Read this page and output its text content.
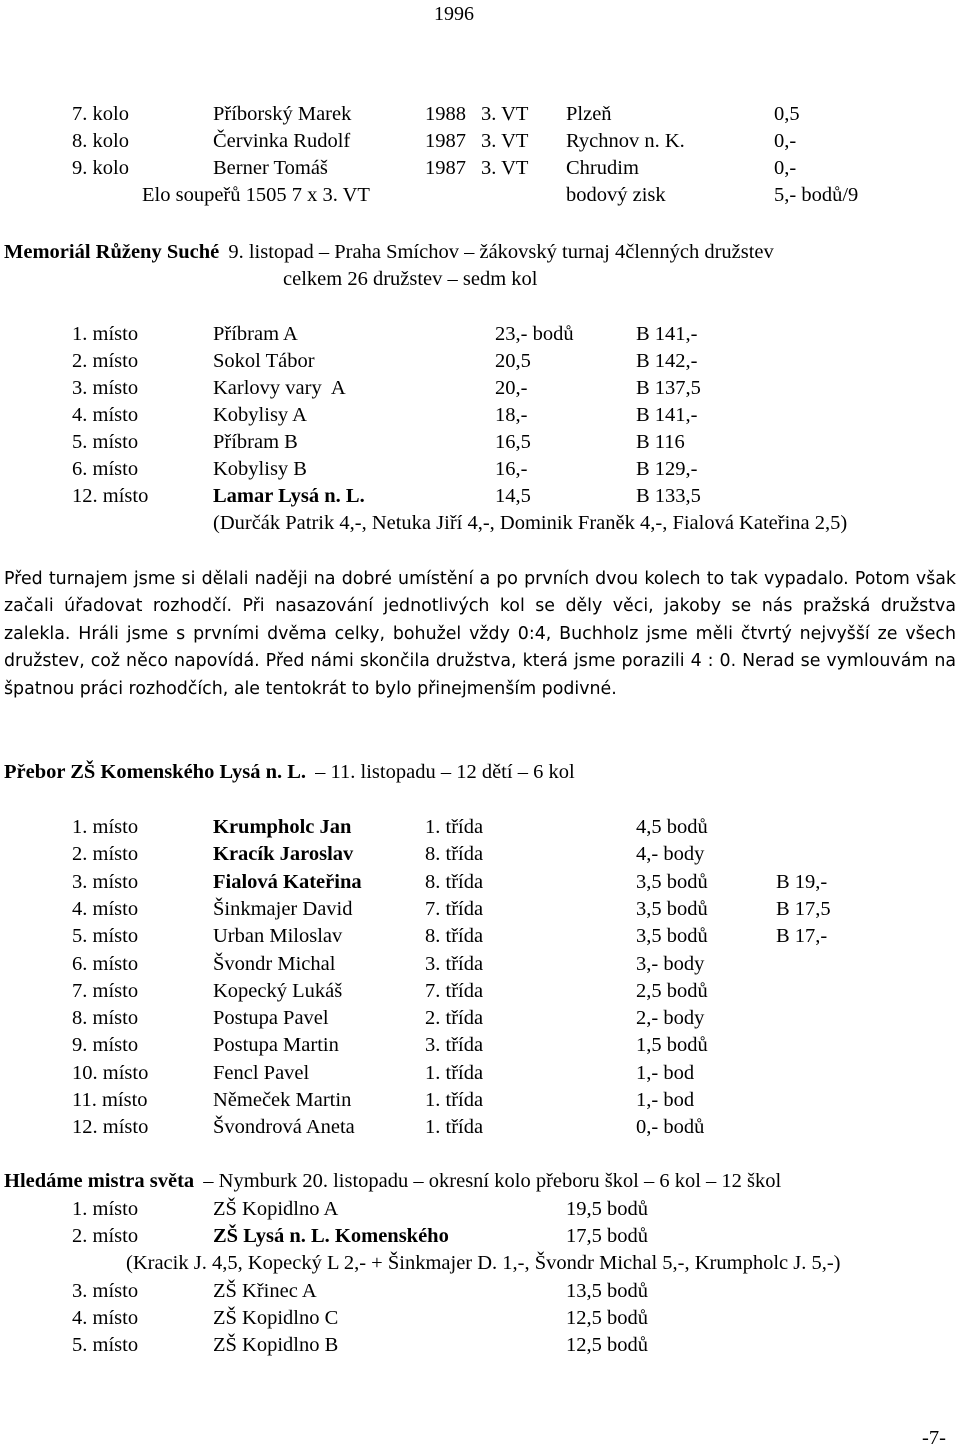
1996
7. kolo	Příborský Marek	1988 3. VT Plzeň	0,5
8. kolo	Červinka Rudolf	1987 3. VT Rychnov n. K.	0,-
9. kolo	Berner Tomáš	1987 3. VT Chrudim	0,-
Elo soupeřů 1505 7 x 3. VT	bodový zisk	5,- bodů/9
Memoriál Růženy Suché 9. listopad – Praha Smíchov – žákovský turnaj 4členných družstev
celkem 26 družstev – sedm kol
1. místo	Příbram A	23,- bodů	B 141,-
2. místo	Sokol Tábor	20,5	B 142,-
3. místo	Karlovy vary  A	20,-	B 137,5
4. místo	Kobylisy A	18,-	B 141,-
5. místo	Příbram B	16,5	B 116
6. místo	Kobylisy B	16,-	B 129,-
12. místo	Lamar Lysá n. L.	14,5	B 133,5
(Durčák Patrik 4,-, Netuka Jiří 4,-, Dominik Franěk 4,-, Fialová Kateřina 2,5)
Před turnajem jsme si dělali naději na dobré umístění a po prvních dvou kolech to tak vypadalo. Potom však začali úřadovat rozhodčí. Při nasazování jednotlivých kol se děly věci, jakoby se nás pražská družstva zalekla. Hráli jsme s prvními dvěma celky, bohužel vždy 0:4, Buchholz jsme měli čtvrtý nejvyšší ze všech družstev, což něco napovídá. Před námi skončila družstva, která jsme porazili 4 : 0. Nerad se vymlouvám na špatnou práci rozhodčích, ale tentokrát to bylo přinejmenším podivné.
Přebor ZŠ Komenského Lysá n. L. – 11. listopadu – 12 dětí – 6 kol
1. místo	Krumpholc Jan	1. třída	4,5 bodů
2. místo	Kracík Jaroslav	8. třída	4,- body
3. místo	Fialová Kateřina	8. třída	3,5 bodů	B 19,-
4. místo	Šinkmajer David	7. třída	3,5 bodů	B 17,5
5. místo	Urban Miloslav	8. třída	3,5 bodů	B 17,-
6. místo	Švondr Michal	3. třída	3,- body
7. místo	Kopecký Lukáš	7. třída	2,5 bodů
8. místo	Postupa Pavel	2. třída	2,- body
9. místo	Postupa Martin	3. třída	1,5 bodů
10. místo	Fencl Pavel	1. třída	1,- bod
11. místo	Němeček Martin	1. třída	1,- bod
12. místo	Švondrová Aneta	1. třída	0,- bodů
Hledáme mistra světa – Nymburk 20. listopadu – okresní kolo přeboru škol – 6 kol – 12 škol
1. místo	ZŠ Kopidlno A	19,5 bodů
2. místo	ZŠ Lysá n. L. Komenského	17,5 bodů
(Kracik J. 4,5, Kopecký L 2,- + Šinkmajer D. 1,-, Švondr Michal 5,-, Krumpholc J. 5,-)
3. místo	ZŠ Křinec A	13,5 bodů
4. místo	ZŠ Kopidlno C	12,5 bodů
5. místo	ZŠ Kopidlno B	12,5 bodů
-7-
